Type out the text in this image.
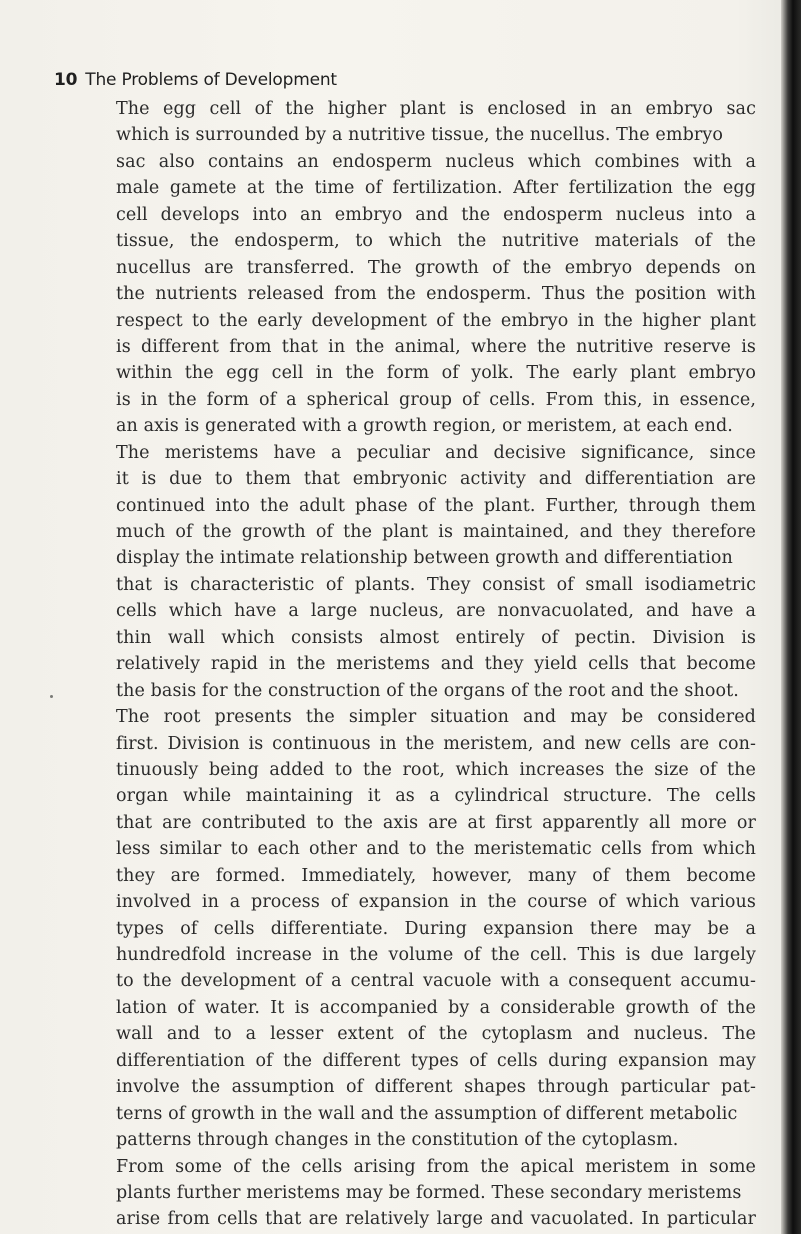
10 The Problems of Development
The egg cell of the higher plant is enclosed in an embryo sac
which is surrounded by a nutritive tissue, the nucellus. The embryo
sac also contains an endosperm nucleus which combines with a
male gamete at the time of fertilization. After fertilization the egg
cell develops into an embryo and the endosperm nucleus into a
tissue, the endosperm, to which the nutritive materials of the
nucellus are transferred. The growth of the embryo depends on
the nutrients released from the endosperm. Thus the position with
respect to the early development of the embryo in the higher plant
is different from that in the animal, where the nutritive reserve is
within the egg cell in the form of yolk. The early plant embryo
is in the form of a spherical group of cells. From this, in essence,
an axis is generated with a growth region, or meristem, at each end.
The meristems have a peculiar and decisive significance, since
it is due to them that embryonic activity and differentiation are
continued into the adult phase of the plant. Further, through them
much of the growth of the plant is maintained, and they therefore
display the intimate relationship between growth and differentiation
that is characteristic of plants. They consist of small isodiametric
cells which have a large nucleus, are nonvacuolated, and have a
thin wall which consists almost entirely of pectin. Division is
relatively rapid in the meristems and they yield cells that become
the basis for the construction of the organs of the root and the shoot.
The root presents the simpler situation and may be considered
first. Division is continuous in the meristem, and new cells are con-
tinuously being added to the root, which increases the size of the
organ while maintaining it as a cylindrical structure. The cells
that are contributed to the axis are at first apparently all more or
less similar to each other and to the meristematic cells from which
they are formed. Immediately, however, many of them become
involved in a process of expansion in the course of which various
types of cells differentiate. During expansion there may be a
hundredfold increase in the volume of the cell. This is due largely
to the development of a central vacuole with a consequent accumu-
lation of water. It is accompanied by a considerable growth of the
wall and to a lesser extent of the cytoplasm and nucleus. The
differentiation of the different types of cells during expansion may
involve the assumption of different shapes through particular pat-
terns of growth in the wall and the assumption of different metabolic
patterns through changes in the constitution of the cytoplasm.
From some of the cells arising from the apical meristem in some
plants further meristems may be formed. These secondary meristems
arise from cells that are relatively large and vacuolated. In particular
